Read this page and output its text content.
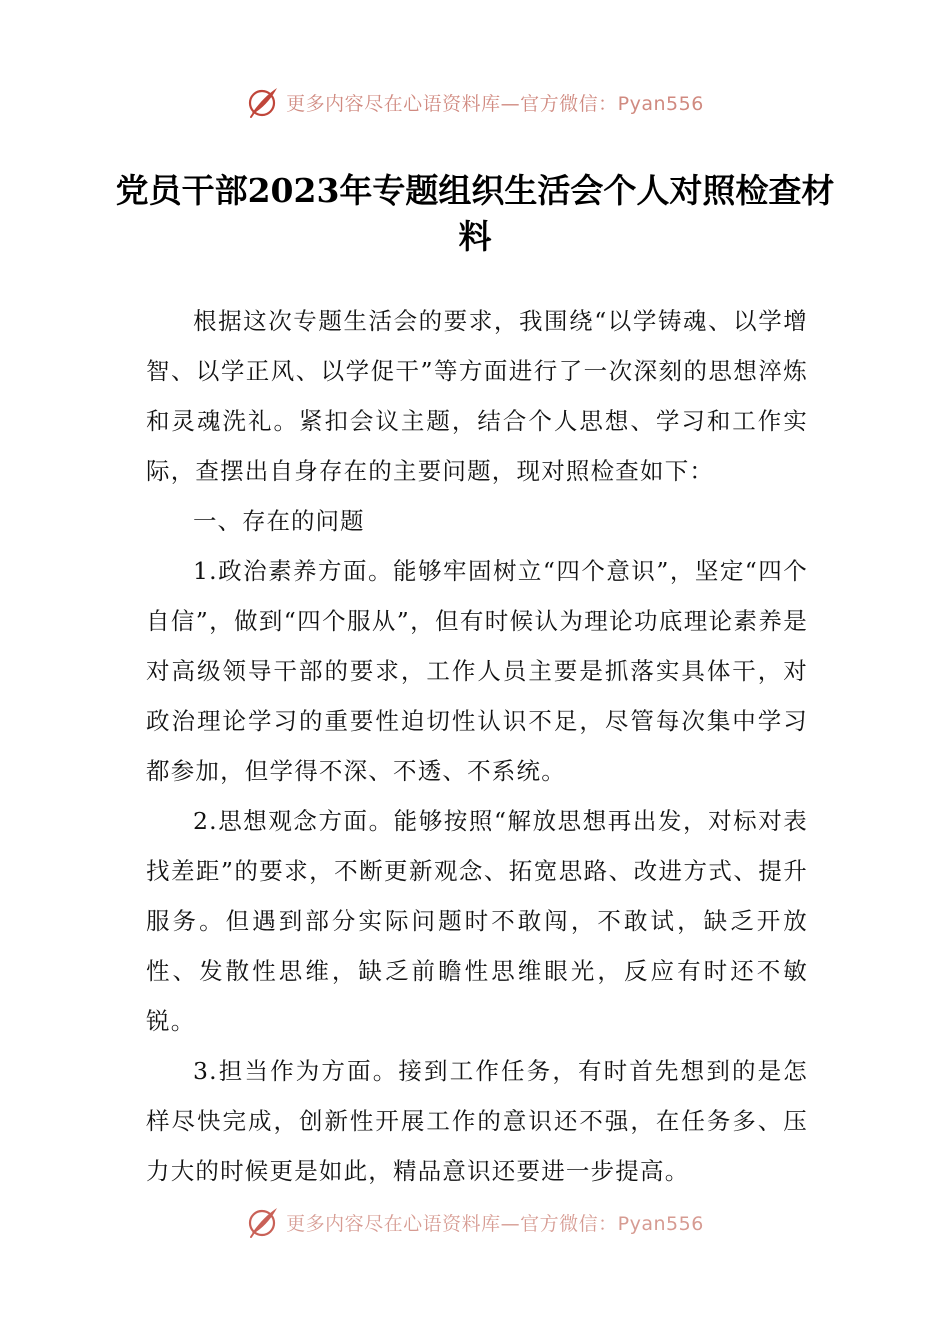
更多内容尽在心语资料库—官方微信：Pyan556
党员干部2023年专题组织生活会个人对照检查材料

根据这次专题生活会的要求，我围绕“以学铸魂、以学增智、以学正风、以学促干”等方面进行了一次深刻的思想淬炼和灵魂洗礼。紧扣会议主题，结合个人思想、学习和工作实际，查摆出自身存在的主要问题，现对照检查如下：

一、存在的问题

1.政治素养方面。能够牢固树立“四个意识”，坚定“四个自信”，做到“四个服从”，但有时候认为理论功底理论素养是对高级领导干部的要求，工作人员主要是抓落实具体干，对政治理论学习的重要性迫切性认识不足，尽管每次集中学习都参加，但学得不深、不透、不系统。

2.思想观念方面。能够按照“解放思想再出发，对标对表找差距”的要求，不断更新观念、拓宽思路、改进方式、提升服务。但遇到部分实际问题时不敢闯，不敢试，缺乏开放性、发散性思维，缺乏前瞻性思维眼光，反应有时还不敏锐。

3.担当作为方面。接到工作任务，有时首先想到的是怎样尽快完成，创新性开展工作的意识还不强，在任务多、压力大的时候更是如此，精品意识还要进一步提高。

更多内容尽在心语资料库—官方微信：Pyan556
